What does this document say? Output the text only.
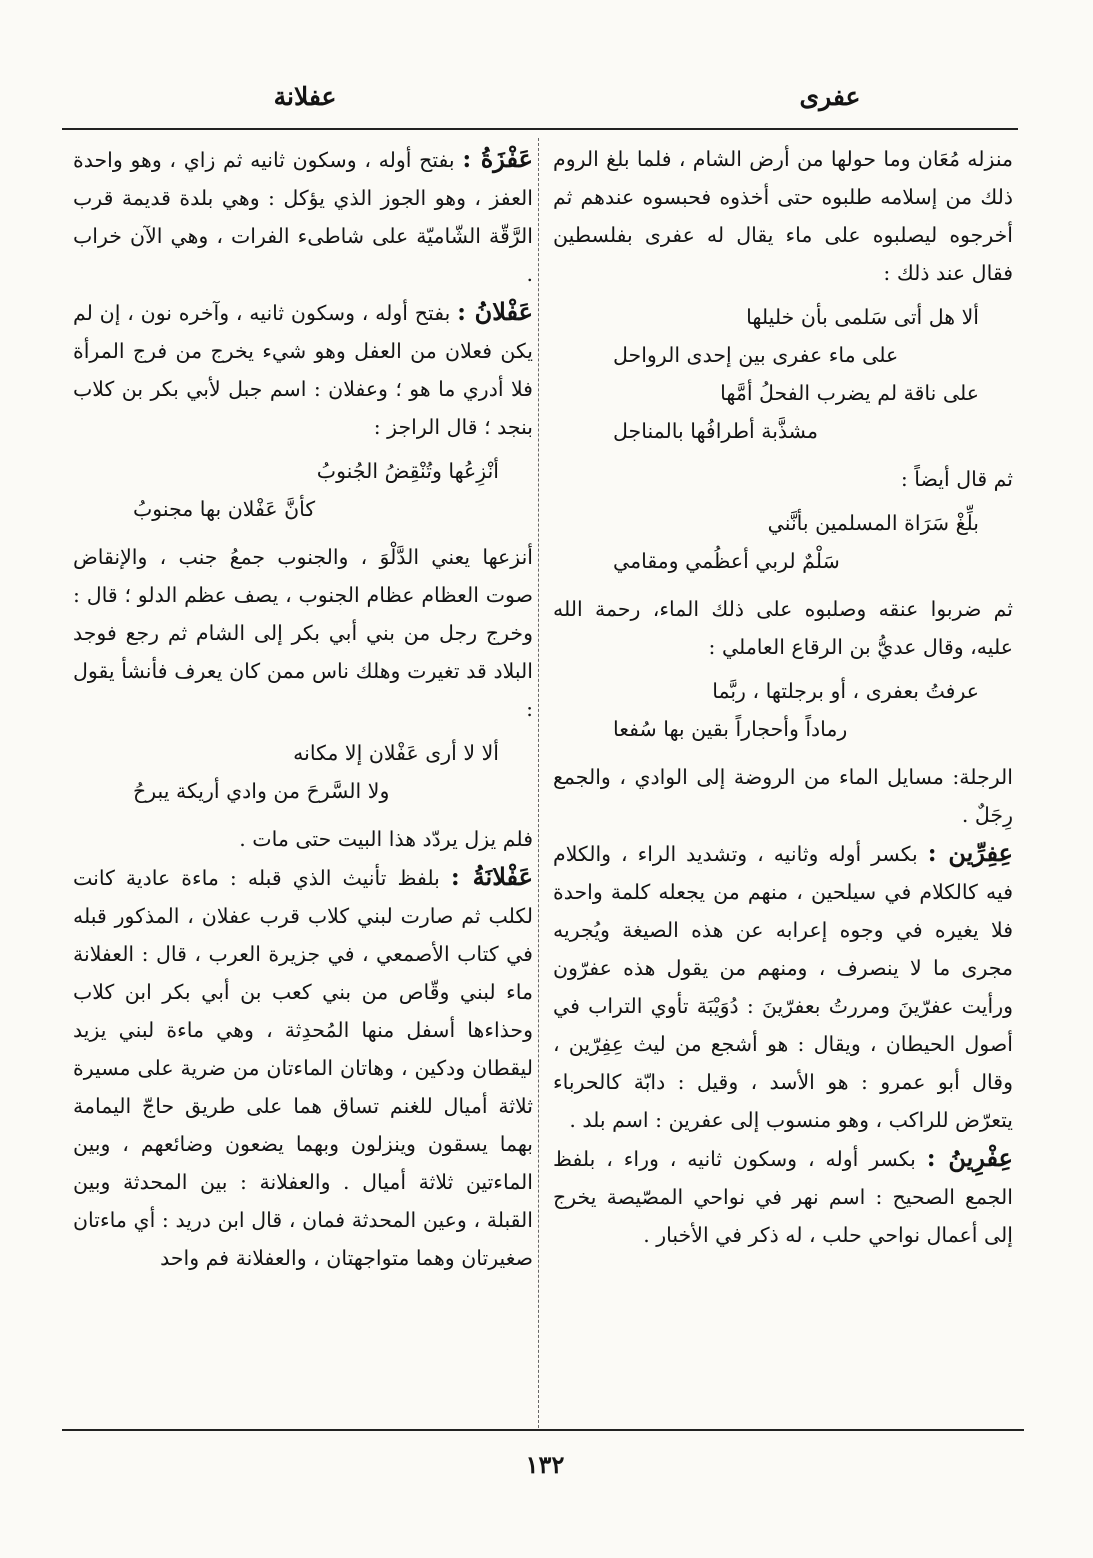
عفرى
عفلانة

منزله مُعَان وما حولها من أرض الشام ، فلما بلغ الروم ذلك من إسلامه طلبوه حتى أخذوه فحبسوه عندهم ثم أخرجوه ليصلبوه على ماء يقال له عفرى بفلسطين فقال عند ذلك :

ألا هل أتى سَلمى بأن خليلها
على ماء عفرى بين إحدى الرواحل
على ناقة لم يضرب الفحلُ أمَّها
مشذَّبة أطرافُها بالمناجل

ثم قال أيضاً :

بلِّغْ سَرَاة المسلمين بأنَّني
سَلْمٌ لربي أعظُمي ومقامي

ثم ضربوا عنقه وصلبوه على ذلك الماء، رحمة الله عليه، وقال عديُّ بن الرقاع العاملي :

عرفتُ بعفرى ، أو برجلتها ، ربَّما
رماداً وأحجاراً بقين بها سُفعا

الرجلة: مسايل الماء من الروضة إلى الوادي ، والجمع رِجَلٌ .

عِفِرِّين : بكسر أوله وثانيه ، وتشديد الراء ، والكلام فيه كالكلام في سيلحين ، منهم من يجعله كلمة واحدة فلا يغيره في وجوه إعرابه عن هذه الصيغة ويُجريه مجرى ما لا ينصرف ، ومنهم من يقول هذه عفرّون ورأيت عفرّينَ ومررتُ بعفرّينَ : دُوَيْبَة تأوي التراب في أصول الحيطان ، ويقال : هو أشجع من ليث عِفِرّين ، وقال أبو عمرو : هو الأسد ، وقيل : دابّة كالحرباء يتعرّض للراكب ، وهو منسوب إلى عفرين : اسم بلد .

عِفْرِينُ : بكسر أوله ، وسكون ثانيه ، وراء ، بلفظ الجمع الصحيح : اسم نهر في نواحي المصّيصة يخرج إلى أعمال نواحي حلب ، له ذكر في الأخبار .

عَفْزَةُ : بفتح أوله ، وسكون ثانيه ثم زاي ، وهو واحدة العفز ، وهو الجوز الذي يؤكل : وهي بلدة قديمة قرب الرَّقّة الشّاميّة على شاطىء الفرات ، وهي الآن خراب .

عَفْلانُ : بفتح أوله ، وسكون ثانيه ، وآخره نون ، إن لم يكن فعلان من العفل وهو شيء يخرج من فرج المرأة فلا أدري ما هو ؛ وعفلان : اسم جبل لأبي بكر بن كلاب بنجد ؛ قال الراجز :

أنْزِعُها وتُنْقِضُ الجُنوبُ
كأنَّ عَفْلان بها مجنوبُ

أنزعها يعني الدَّلْوَ ، والجنوب جمعُ جنب ، والإنقاض صوت العظام عظام الجنوب ، يصف عظم الدلو ؛ قال : وخرج رجل من بني أبي بكر إلى الشام ثم رجع فوجد البلاد قد تغيرت وهلك ناس ممن كان يعرف فأنشأ يقول :

ألا لا أرى عَفْلان إلا مكانه
ولا السَّرحَ من وادي أريكة يبرحُ

فلم يزل يردّد هذا البيت حتى مات .

عَفْلانَةُ : بلفظ تأنيث الذي قبله : ماءة عادية كانت لكلب ثم صارت لبني كلاب قرب عفلان ، المذكور قبله في كتاب الأصمعي ، في جزيرة العرب ، قال : العفلانة ماء لبني وقّاص من بني كعب بن أبي بكر ابن كلاب وحذاءها أسفل منها المُحدِثة ، وهي ماءة لبني يزيد ليقطان ودكين ، وهاتان الماءتان من ضرية على مسيرة ثلاثة أميال للغنم تساق هما على طريق حاجّ اليمامة بهما يسقون وينزلون وبهما يضعون وضائعهم ، وبين الماءتين ثلاثة أميال . والعفلانة : بين المحدثة وبين القبلة ، وعين المحدثة فمان ، قال ابن دريد : أي ماءتان صغيرتان وهما متواجهتان ، والعفلانة فم واحد

١٣٢
